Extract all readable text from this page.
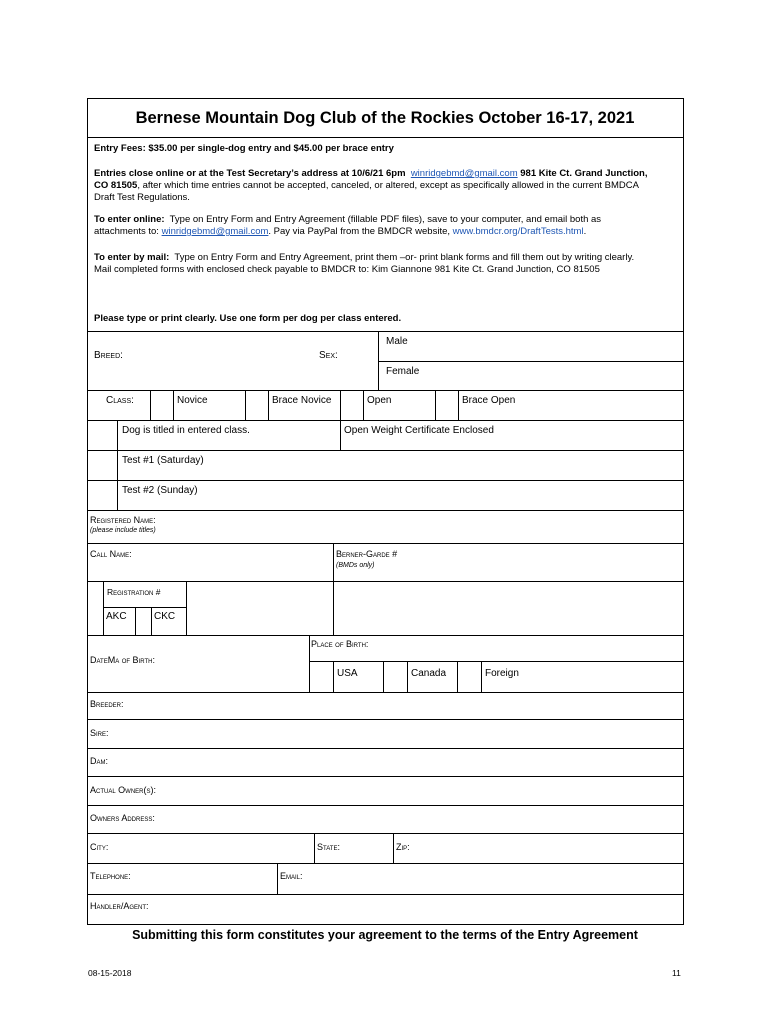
Bernese Mountain Dog Club of the Rockies October 16-17, 2021
Entry Fees: $35.00 per single-dog entry and $45.00 per brace entry
Entries close online or at the Test Secretary’s address at 10/6/21 6pm winridgebmd@gmail.com 981 Kite Ct. Grand Junction, CO 81505, after which time entries cannot be accepted, canceled, or altered, except as specifically allowed in the current BMDCA Draft Test Regulations.
To enter online: Type on Entry Form and Entry Agreement (fillable PDF files), save to your computer, and email both as attachments to: winridgebmd@gmail.com. Pay via PayPal from the BMDCR website, www.bmdcr.org/DraftTests.html.
To enter by mail: Type on Entry Form and Entry Agreement, print them –or- print blank forms and fill them out by writing clearly. Mail completed forms with enclosed check payable to BMDCR to: Kim Giannone 981 Kite Ct. Grand Junction, CO 81505
Please type or print clearly. Use one form per dog per class entered.
Breed:	Sex:
Male
Female
Class:	Novice	Brace Novice	Open	Brace Open
Dog is titled in entered class.	Open Weight Certificate Enclosed
Test #1 (Saturday)
Test #2 (Sunday)
Registered Name:
(please include titles)
Call Name:	Berner-Garde #
(BMDs only)
Registration #
AKC	CKC
Place of Birth:
DateMa of Birth:
USA	Canada	Foreign
Breeder:
Sire:
Dam:
Actual Owner(s):
Owners Address:
City:	State:	Zip:
Telephone:	Email:
Handler/Agent:
Submitting this form constitutes your agreement to the terms of the Entry Agreement
08-15-2018	11
